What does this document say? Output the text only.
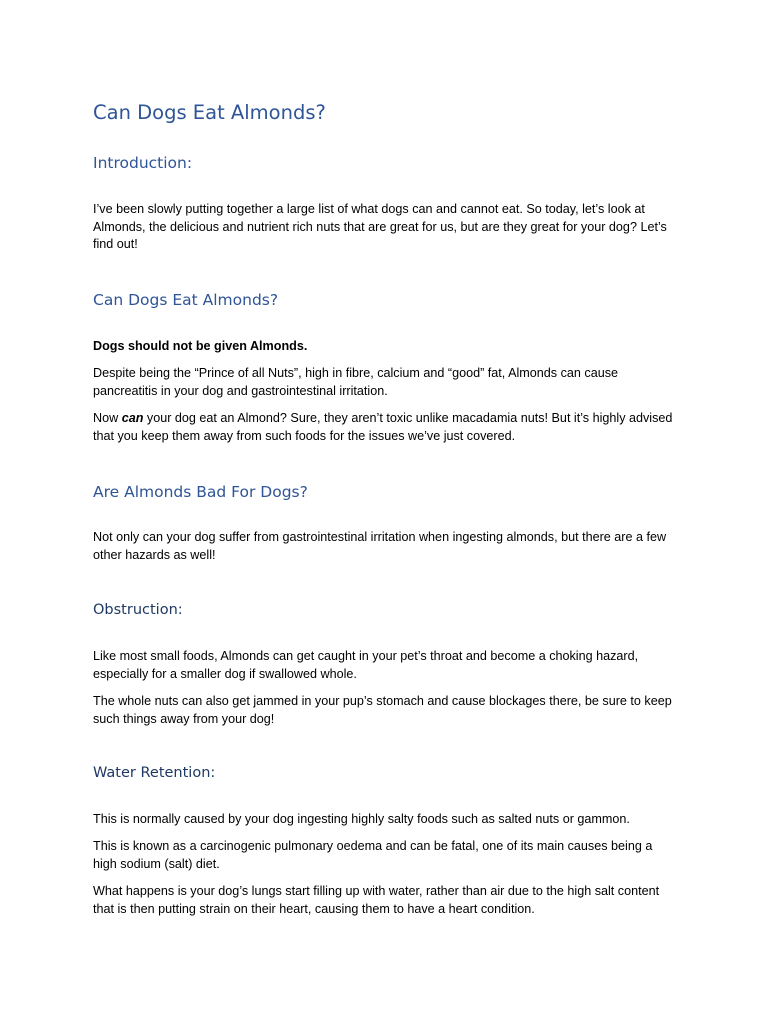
Can Dogs Eat Almonds?
Introduction:

I’ve been slowly putting together a large list of what dogs can and cannot eat. So today, let’s look at Almonds, the delicious and nutrient rich nuts that are great for us, but are they great for your dog? Let’s find out!

Can Dogs Eat Almonds?

Dogs should not be given Almonds.

Despite being the “Prince of all Nuts”, high in fibre, calcium and “good” fat, Almonds can cause pancreatitis in your dog and gastrointestinal irritation.

Now can your dog eat an Almond? Sure, they aren’t toxic unlike macadamia nuts! But it’s highly advised that you keep them away from such foods for the issues we’ve just covered.

Are Almonds Bad For Dogs?

Not only can your dog suffer from gastrointestinal irritation when ingesting almonds, but there are a few other hazards as well!

Obstruction:

Like most small foods, Almonds can get caught in your pet’s throat and become a choking hazard, especially for a smaller dog if swallowed whole.

The whole nuts can also get jammed in your pup’s stomach and cause blockages there, be sure to keep such things away from your dog!

Water Retention:

This is normally caused by your dog ingesting highly salty foods such as salted nuts or gammon.

This is known as a carcinogenic pulmonary oedema and can be fatal, one of its main causes being a high sodium (salt) diet.

What happens is your dog’s lungs start filling up with water, rather than air due to the high salt content that is then putting strain on their heart, causing them to have a heart condition.
